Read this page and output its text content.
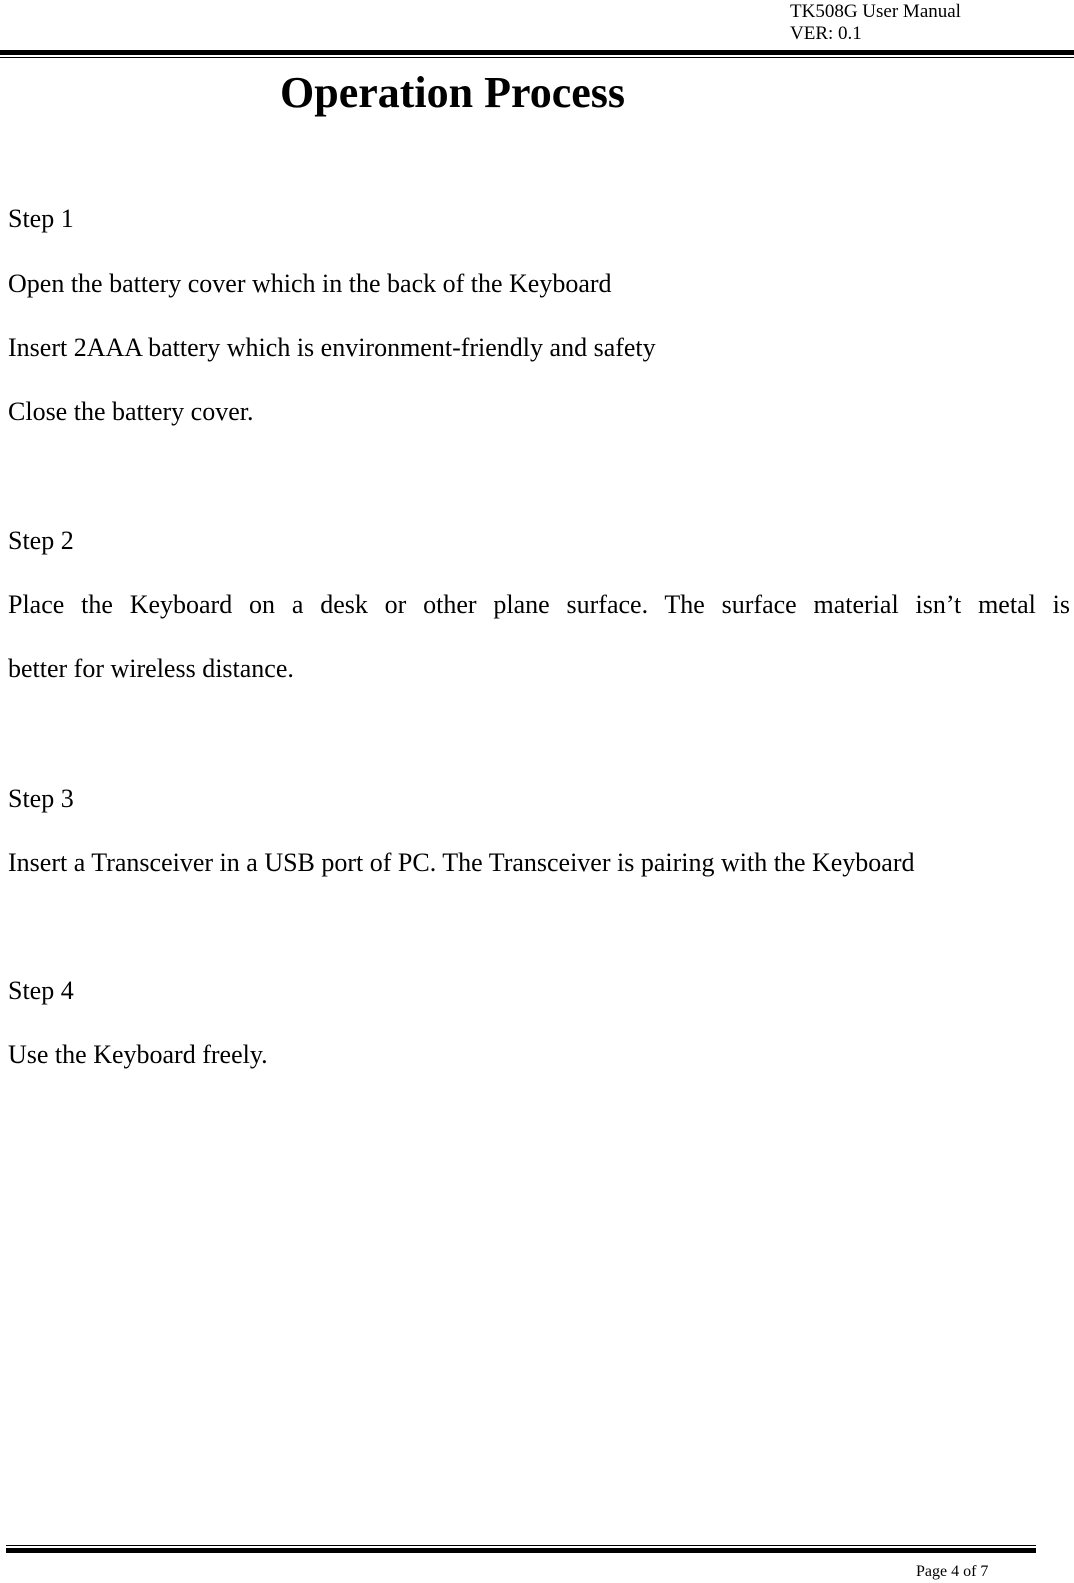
TK508G User Manual
VER: 0.1
Operation Process
Step 1
Open the battery cover which in the back of the Keyboard
Insert 2AAA battery which is environment-friendly and safety
Close the battery cover.
Step 2
Place the Keyboard on a desk or other plane surface. The surface material isn’t metal is
better for wireless distance.
Step 3
Insert a Transceiver in a USB port of PC. The Transceiver is pairing with the Keyboard
Step 4
Use the Keyboard freely.
Page 4 of 7
